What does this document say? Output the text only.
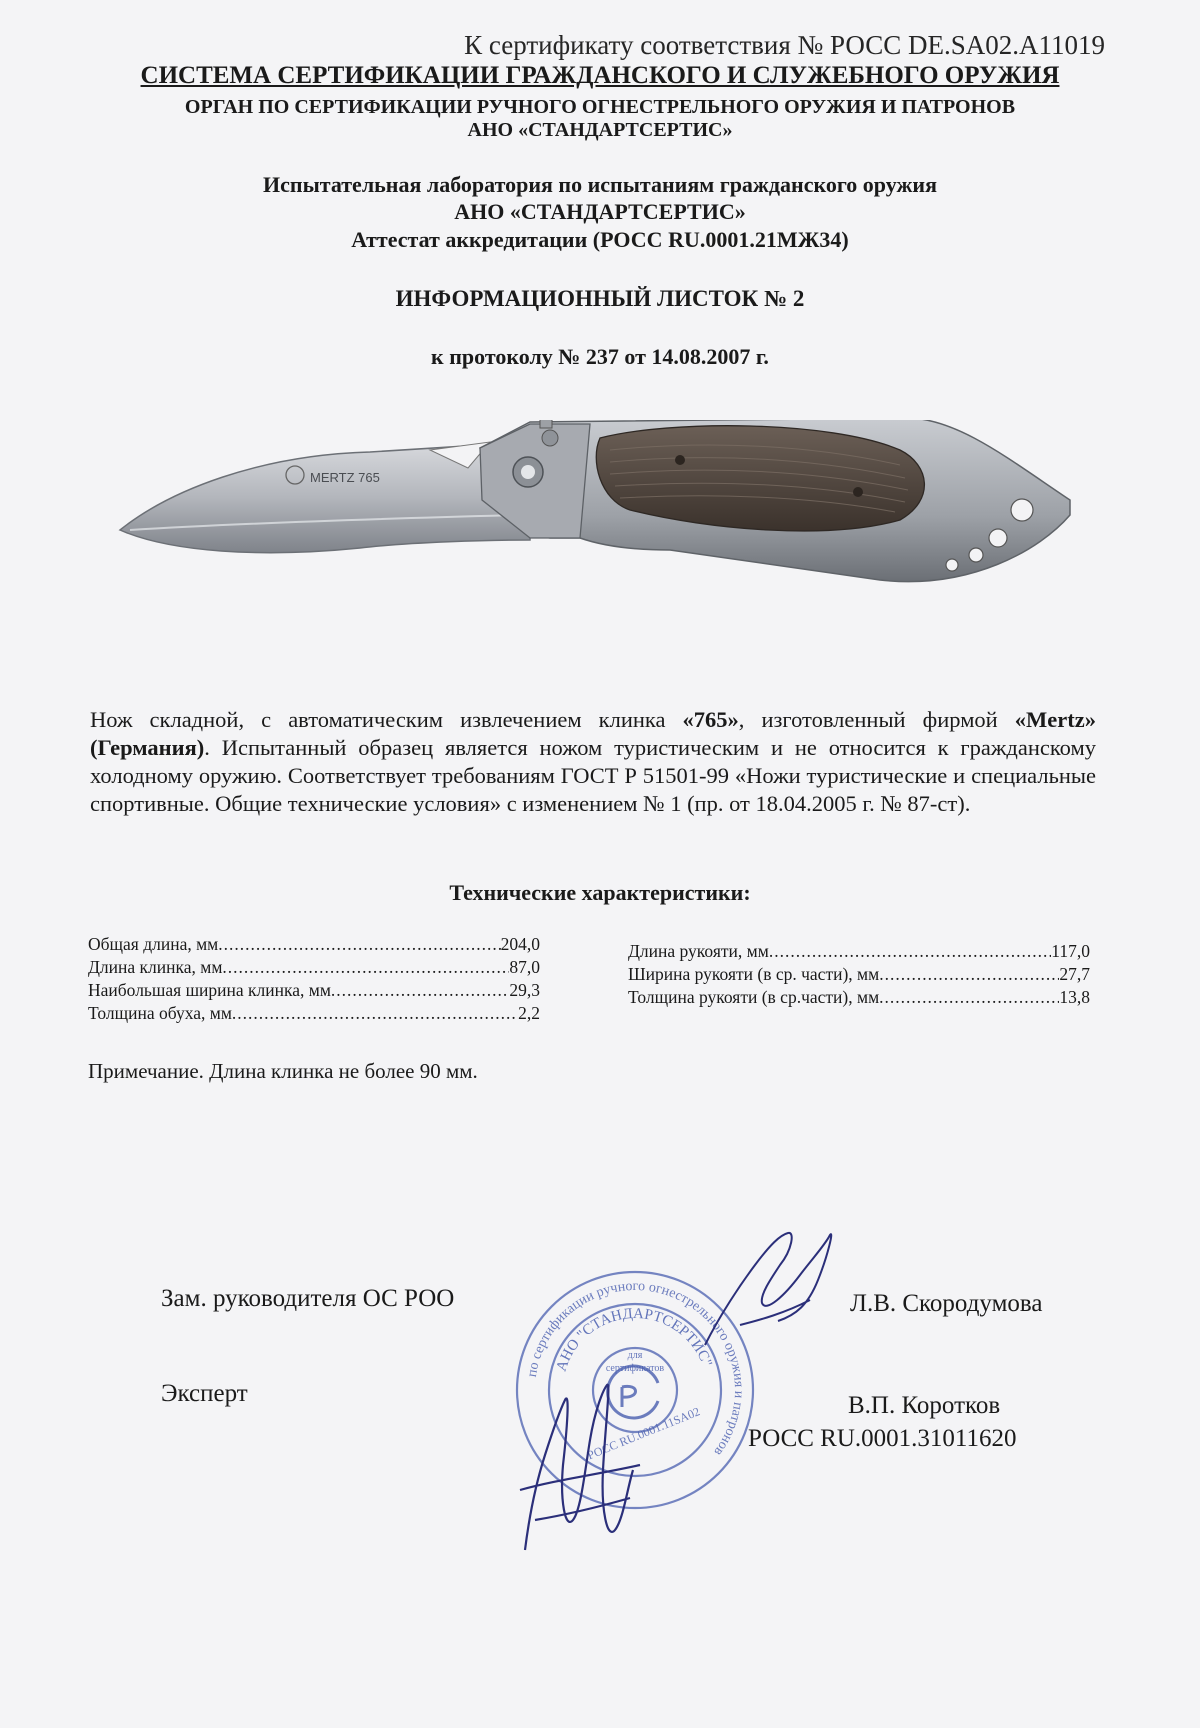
К сертификату соответствия № РОСС DE.SA02.A11019
СИСТЕМА СЕРТИФИКАЦИИ ГРАЖДАНСКОГО И СЛУЖЕБНОГО ОРУЖИЯ
ОРГАН ПО СЕРТИФИКАЦИИ РУЧНОГО ОГНЕСТРЕЛЬНОГО ОРУЖИЯ И ПАТРОНОВ
АНО «СТАНДАРТСЕРТИС»
Испытательная лаборатория по испытаниям гражданского оружия
АНО «СТАНДАРТСЕРТИС»
Аттестат аккредитации (РОСС RU.0001.21МЖ34)
ИНФОРМАЦИОННЫЙ ЛИСТОК № 2
к протоколу № 237 от 14.08.2007 г.
MERTZ 765
Нож складной, с автоматическим извлечением клинка «765», изготовленный фирмой «Mertz» (Германия). Испытанный образец является ножом туристическим и не относится к гражданскому холодному оружию. Соответствует требованиям ГОСТ Р 51501-99 «Ножи туристические и специальные спортивные. Общие технические условия» с изменением № 1 (пр. от 18.04.2005 г. № 87-ст).
Технические характеристики:
Общая длина, мм .....	204,0
Длина клинка, мм .....	87,0
Наибольшая ширина клинка, мм .....	29,3
Толщина обуха, мм .....	2,2
Длина рукояти, мм .....	117,0
Ширина рукояти (в ср. части), мм .....	27,7
Толщина рукояти (в ср.части), мм .....	13,8
Примечание. Длина клинка не более 90 мм.
Зам. руководителя ОС РОО	Л.В. Скородумова
Эксперт	В.П. Коротков
РОСС RU.0001.31011620
по сертификации ручного огнестрельного оружия и патронов
АНО "СТАНДАРТСЕРТИС"
для
сертификатов
РОСС RU.0001.11SA02
